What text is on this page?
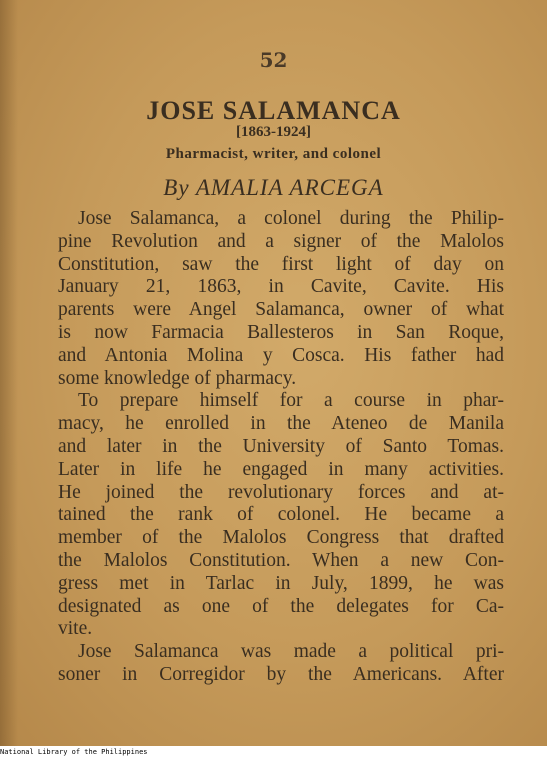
52

JOSE SALAMANCA

[1863-1924]

Pharmacist, writer, and colonel

By AMALIA ARCEGA

Jose Salamanca, a colonel during the Philip-
pine Revolution and a signer of the Malolos
Constitution, saw the first light of day on
January 21, 1863, in Cavite, Cavite. His
parents were Angel Salamanca, owner of what
is now Farmacia Ballesteros in San Roque,
and Antonia Molina y Cosca. His father had
some knowledge of pharmacy.

To prepare himself for a course in phar-
macy, he enrolled in the Ateneo de Manila
and later in the University of Santo Tomas.
Later in life he engaged in many activities.
He joined the revolutionary forces and at-
tained the rank of colonel. He became a
member of the Malolos Congress that drafted
the Malolos Constitution. When a new Con-
gress met in Tarlac in July, 1899, he was
designated as one of the delegates for Ca-
vite.

Jose Salamanca was made a political pri-
soner in Corregidor by the Americans. After

National Library of the Philippines
